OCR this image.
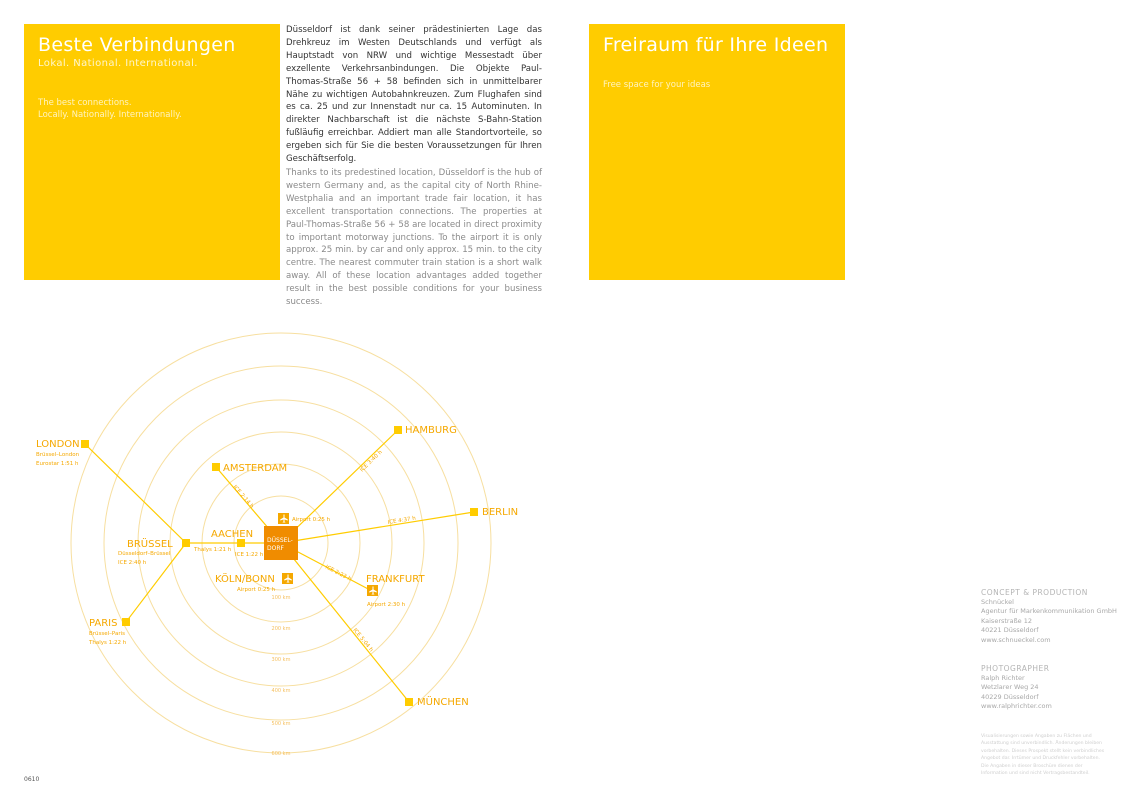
Beste Verbindungen

Lokal. National. International.

The best connections.
Locally. Nationally. Internationally.

Düsseldorf ist dank seiner prädestinierten Lage das Drehkreuz im Westen Deutschlands und verfügt als Hauptstadt von NRW und wichtige Messestadt über exzellente Verkehrsanbindungen. Die Objekte Paul-Thomas-Straße 56 + 58 befinden sich in unmittelbarer Nähe zu wichtigen Autobahnkreuzen. Zum Flughafen sind es ca. 25 und zur Innenstadt nur ca. 15 Autominuten. In direkter Nachbarschaft ist die nächste S-Bahn-Station fußläufig erreichbar. Addiert man alle Standortvorteile, so ergeben sich für Sie die besten Voraussetzungen für Ihren Geschäftserfolg.

Thanks to its predestined location, Düsseldorf is the hub of western Germany and, as the capital city of North Rhine-Westphalia and an important trade fair location, it has excellent transportation connections. The properties at Paul-Thomas-Straße 56 + 58 are located in direct proximity to important motorway junctions. To the airport it is only approx. 25 min. by car and only approx. 15 min. to the city centre. The nearest commuter train station is a short walk away. All of these location advantages added together result in the best possible conditions for your business success.

Freiraum für Ihre Ideen

Free space for your ideas

100 km
200 km
300 km
400 km
500 km
600 km
ICE 3:40 h
ICE 2:14 h
ICE 4:37 h
Thalys 1:21 h
ICE 1:22 h
ICE 2:23 h
ICE 5:04 h
DÜSSEL-
DORF
LONDON
HAMBURG
AMSTERDAM
BERLIN
AACHEN
BRÜSSEL
KÖLN/BONN	FRANKFURT
PARIS
MÜNCHEN
Brüssel–London
Eurostar 1:51 h
Düsseldorf–Brüssel
ICE 2:40 h
Brüssel–Paris
Thalys 1:22 h
Airport 0:25 h
Airport 0:25 h
Airport 2:30 h
CONCEPT & PRODUCTION
Schnückel
Agentur für Markenkommunikation GmbH
Kaiserstraße 12
40221 Düsseldorf
www.schnueckel.com
PHOTOGRAPHER
Ralph Richter
Wetzlarer Weg 24
40229 Düsseldorf
www.ralphrichter.com

Visualisierungen sowie Angaben zu Flächen und Ausstattung sind unverbindlich. Änderungen bleiben vorbehalten. Dieses Prospekt stellt kein verbindliches Angebot dar. Irrtümer und Druckfehler vorbehalten. Die Angaben in dieser Broschüre dienen der Information und sind nicht Vertragsbestandteil.

0610
